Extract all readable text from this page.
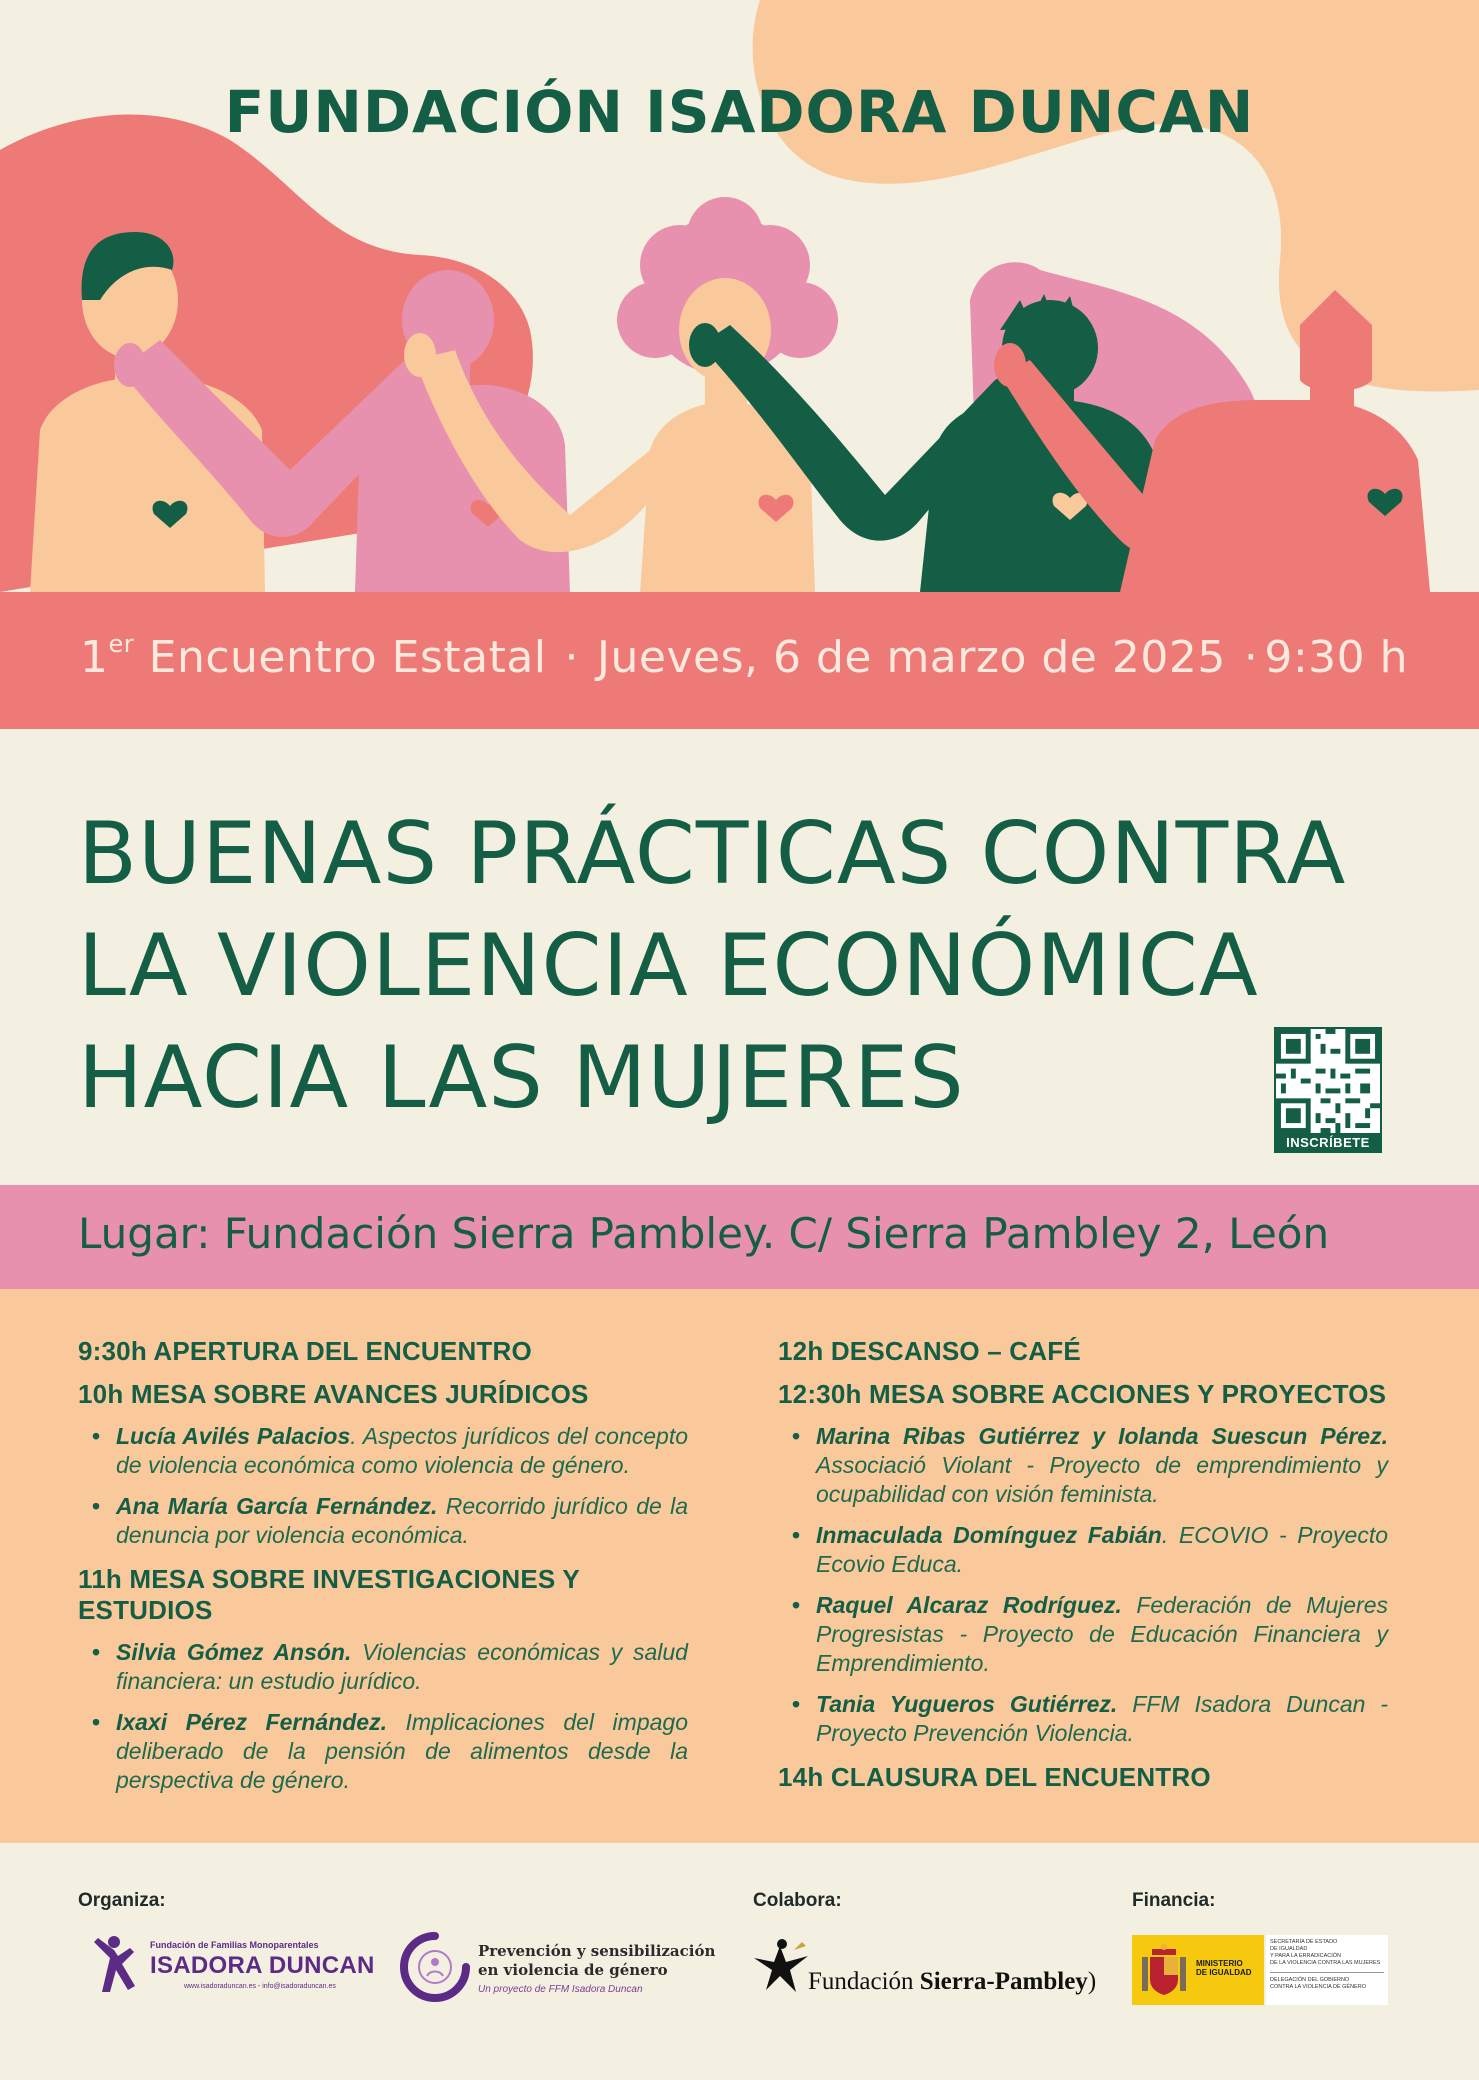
FUNDACIÓN ISADORA DUNCAN
1er Encuentro Estatal · Jueves, 6 de marzo de 2025 · 9:30 h
BUENAS PRÁCTICAS CONTRA
LA VIOLENCIA ECONÓMICA
HACIA LAS MUJERES
INSCRÍBETE
Lugar: Fundación Sierra Pambley. C/ Sierra Pambley 2, León
9:30h APERTURA DEL ENCUENTRO
10h MESA SOBRE AVANCES JURÍDICOS
• Lucía Avilés Palacios. Aspectos jurídicos del concepto de violencia económica como violencia de género.
• Ana María García Fernández. Recorrido jurídico de la denuncia por violencia económica.
11h MESA SOBRE INVESTIGACIONES Y ESTUDIOS
• Silvia Gómez Ansón. Violencias económicas y salud financiera: un estudio jurídico.
• Ixaxi Pérez Fernández. Implicaciones del impago deliberado de la pensión de alimentos desde la perspectiva de género.
12h DESCANSO – CAFÉ
12:30h MESA SOBRE ACCIONES Y PROYECTOS
• Marina Ribas Gutiérrez y Iolanda Suescun Pérez. Associació Violant - Proyecto de emprendimiento y ocupabilidad con visión feminista.
• Inmaculada Domínguez Fabián. ECOVIO - Proyecto Ecovio Educa.
• Raquel Alcaraz Rodríguez. Federación de Mujeres Progresistas - Proyecto de Educación Financiera y Emprendimiento.
• Tania Yugueros Gutiérrez. FFM Isadora Duncan - Proyecto Prevención Violencia.
14h CLAUSURA DEL ENCUENTRO
Organiza:	Colabora:	Financia:
Fundación de Familias Monoparentales
ISADORA DUNCAN
www.isadoraduncan.es - info@isadoraduncan.es
Prevención y sensibilización
en violencia de género
Un proyecto de FFM Isadora Duncan	Fundación Sierra-Pambley)
MINISTERIO
DE IGUALDAD
SECRETARÍA DE ESTADO
DE IGUALDAD
Y PARA LA ERRADICACIÓN
DE LA VIOLENCIA CONTRA LAS MUJERES
DELEGACIÓN DEL GOBIERNO
CONTRA LA VIOLENCIA DE GÉNERO
